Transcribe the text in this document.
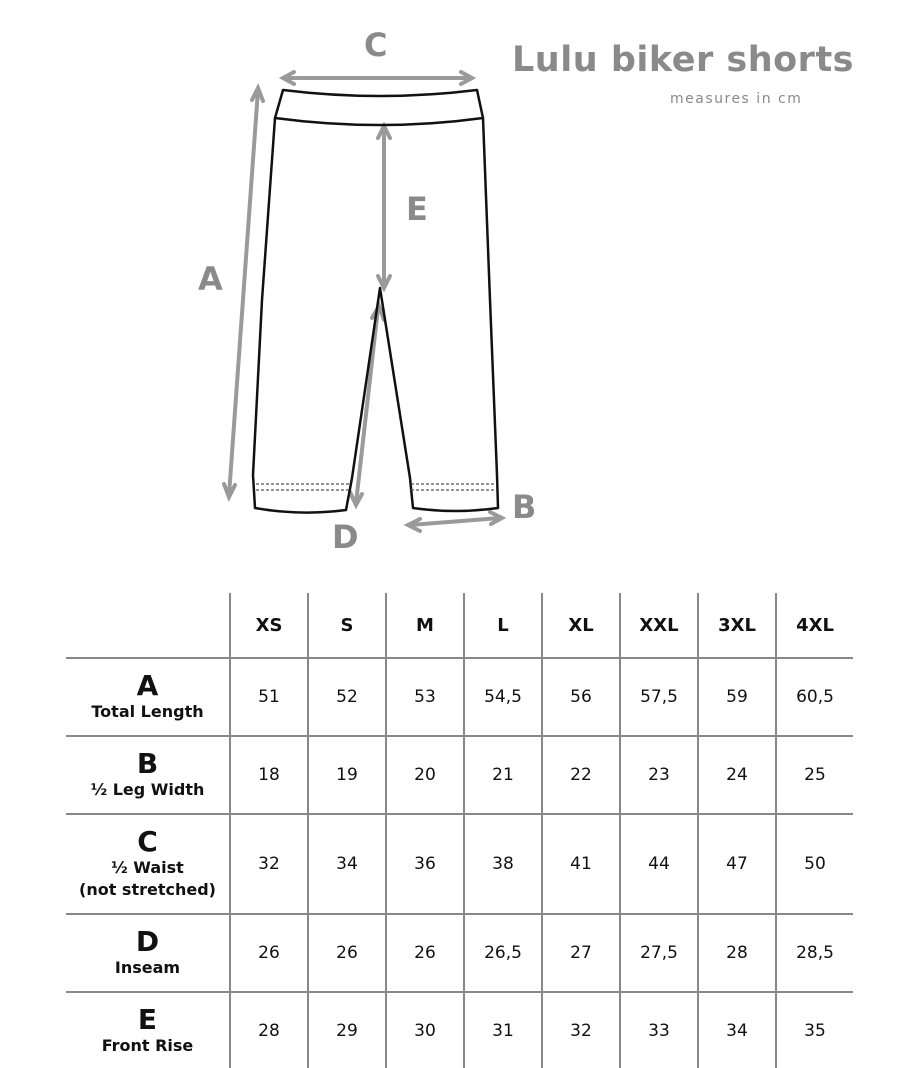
Lulu biker shorts
measures in cm
C
A
E
B
D
	XS	S	M	L	XL	XXL	3XL	4XL

A
Total Length	51	52	53	54,5	56	57,5	59	60,5

B
½ Leg Width	18	19	20	21	22	23	24	25

C
½ Waist
(not stretched)	32	34	36	38	41	44	47	50

D
Inseam	26	26	26	26,5	27	27,5	28	28,5

E
Front Rise	28	29	30	31	32	33	34	35
